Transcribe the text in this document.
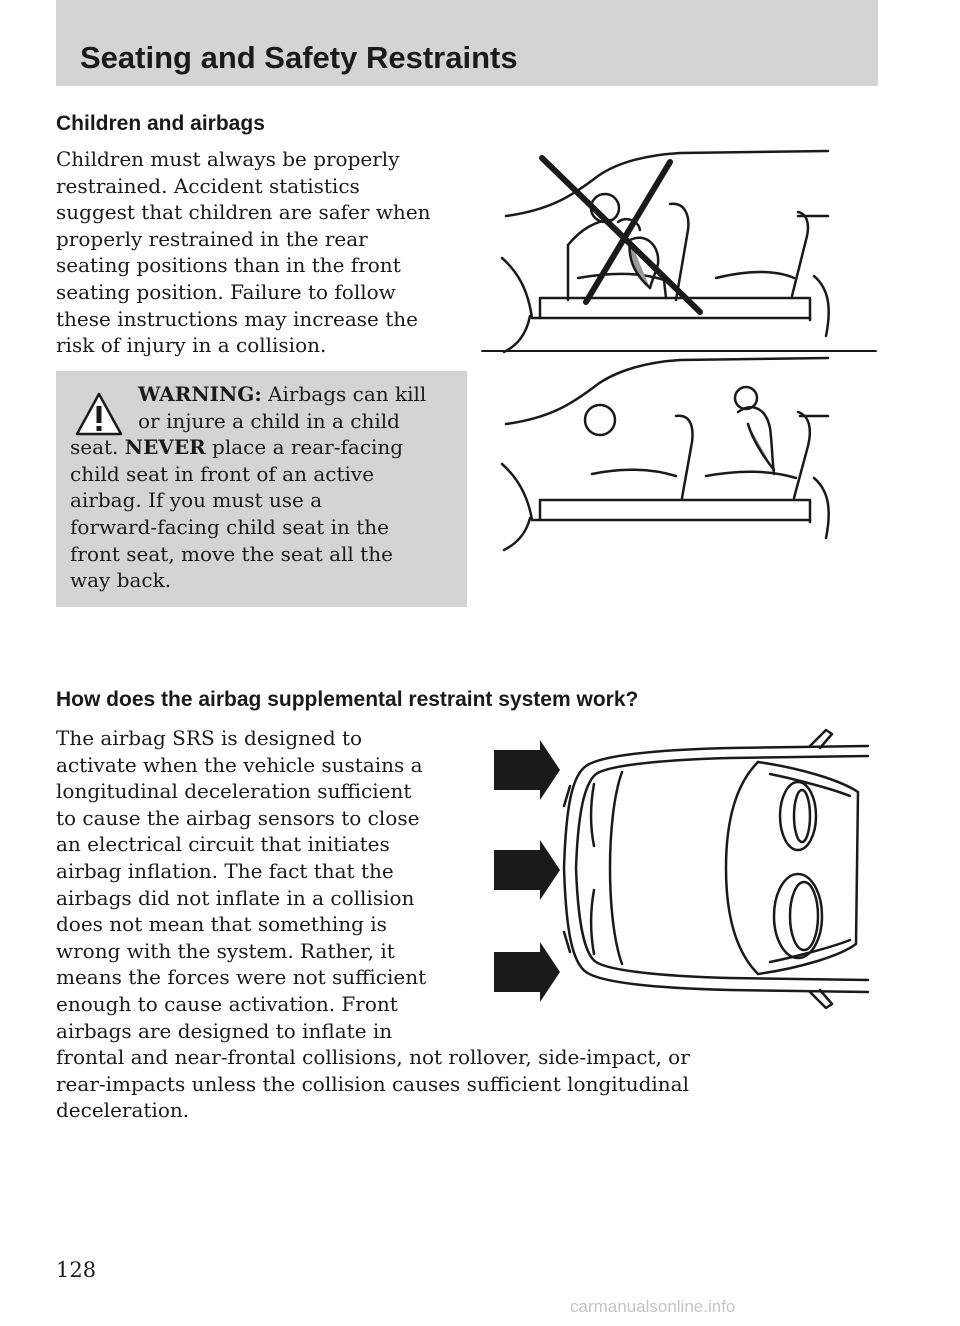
Seating and Safety Restraints
Children and airbags

Children must always be properly
restrained. Accident statistics
suggest that children are safer when
properly restrained in the rear
seating positions than in the front
seating position. Failure to follow
these instructions may increase the
risk of injury in a collision.

WARNING: Airbags can kill
or injure a child in a child
seat. NEVER place a rear-facing
child seat in front of an active
airbag. If you must use a
forward-facing child seat in the
front seat, move the seat all the
way back.

How does the airbag supplemental restraint system work?

The airbag SRS is designed to
activate when the vehicle sustains a
longitudinal deceleration sufficient
to cause the airbag sensors to close
an electrical circuit that initiates
airbag inflation. The fact that the
airbags did not inflate in a collision
does not mean that something is
wrong with the system. Rather, it
means the forces were not sufficient
enough to cause activation. Front
airbags are designed to inflate in
frontal and near-frontal collisions, not rollover, side-impact, or
rear-impacts unless the collision causes sufficient longitudinal
deceleration.

128

carmanualsonline.info
